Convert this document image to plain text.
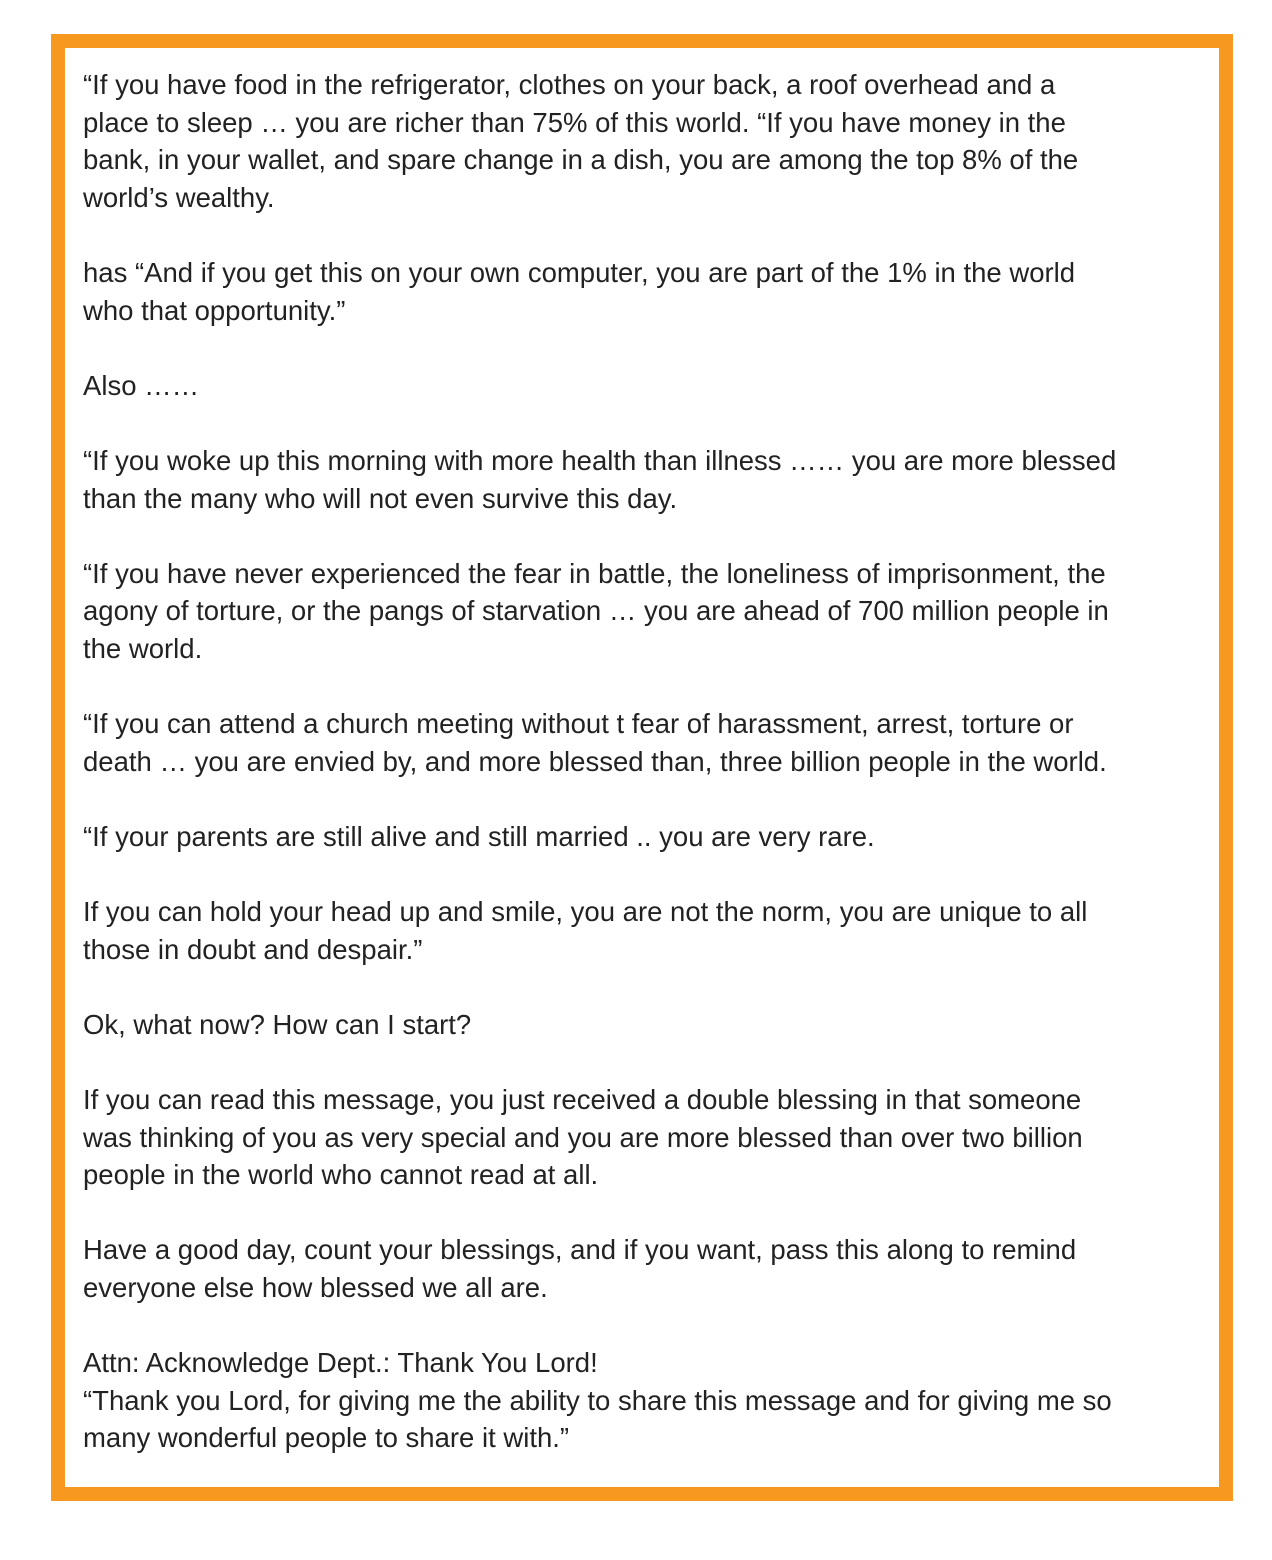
“If you have food in the refrigerator, clothes on your back, a roof overhead and a
place to sleep … you are richer than 75% of this world. “If you have money in the
bank, in your wallet, and spare change in a dish, you are among the top 8% of the
world’s wealthy.

has “And if you get this on your own computer, you are part of the 1% in the world
who that opportunity.”

Also ……

“If you woke up this morning with more health than illness …… you are more blessed
than the many who will not even survive this day.

“If you have never experienced the fear in battle, the loneliness of imprisonment, the
agony of torture, or the pangs of starvation … you are ahead of 700 million people in
the world.

“If you can attend a church meeting without t fear of harassment, arrest, torture or
death … you are envied by, and more blessed than, three billion people in the world.

“If your parents are still alive and still married .. you are very rare.

If you can hold your head up and smile, you are not the norm, you are unique to all
those in doubt and despair.”

Ok, what now? How can I start?

If you can read this message, you just received a double blessing in that someone
was thinking of you as very special and you are more blessed than over two billion
people in the world who cannot read at all.

Have a good day, count your blessings, and if you want, pass this along to remind
everyone else how blessed we all are.

Attn: Acknowledge Dept.: Thank You Lord!
“Thank you Lord, for giving me the ability to share this message and for giving me so
many wonderful people to share it with.”
